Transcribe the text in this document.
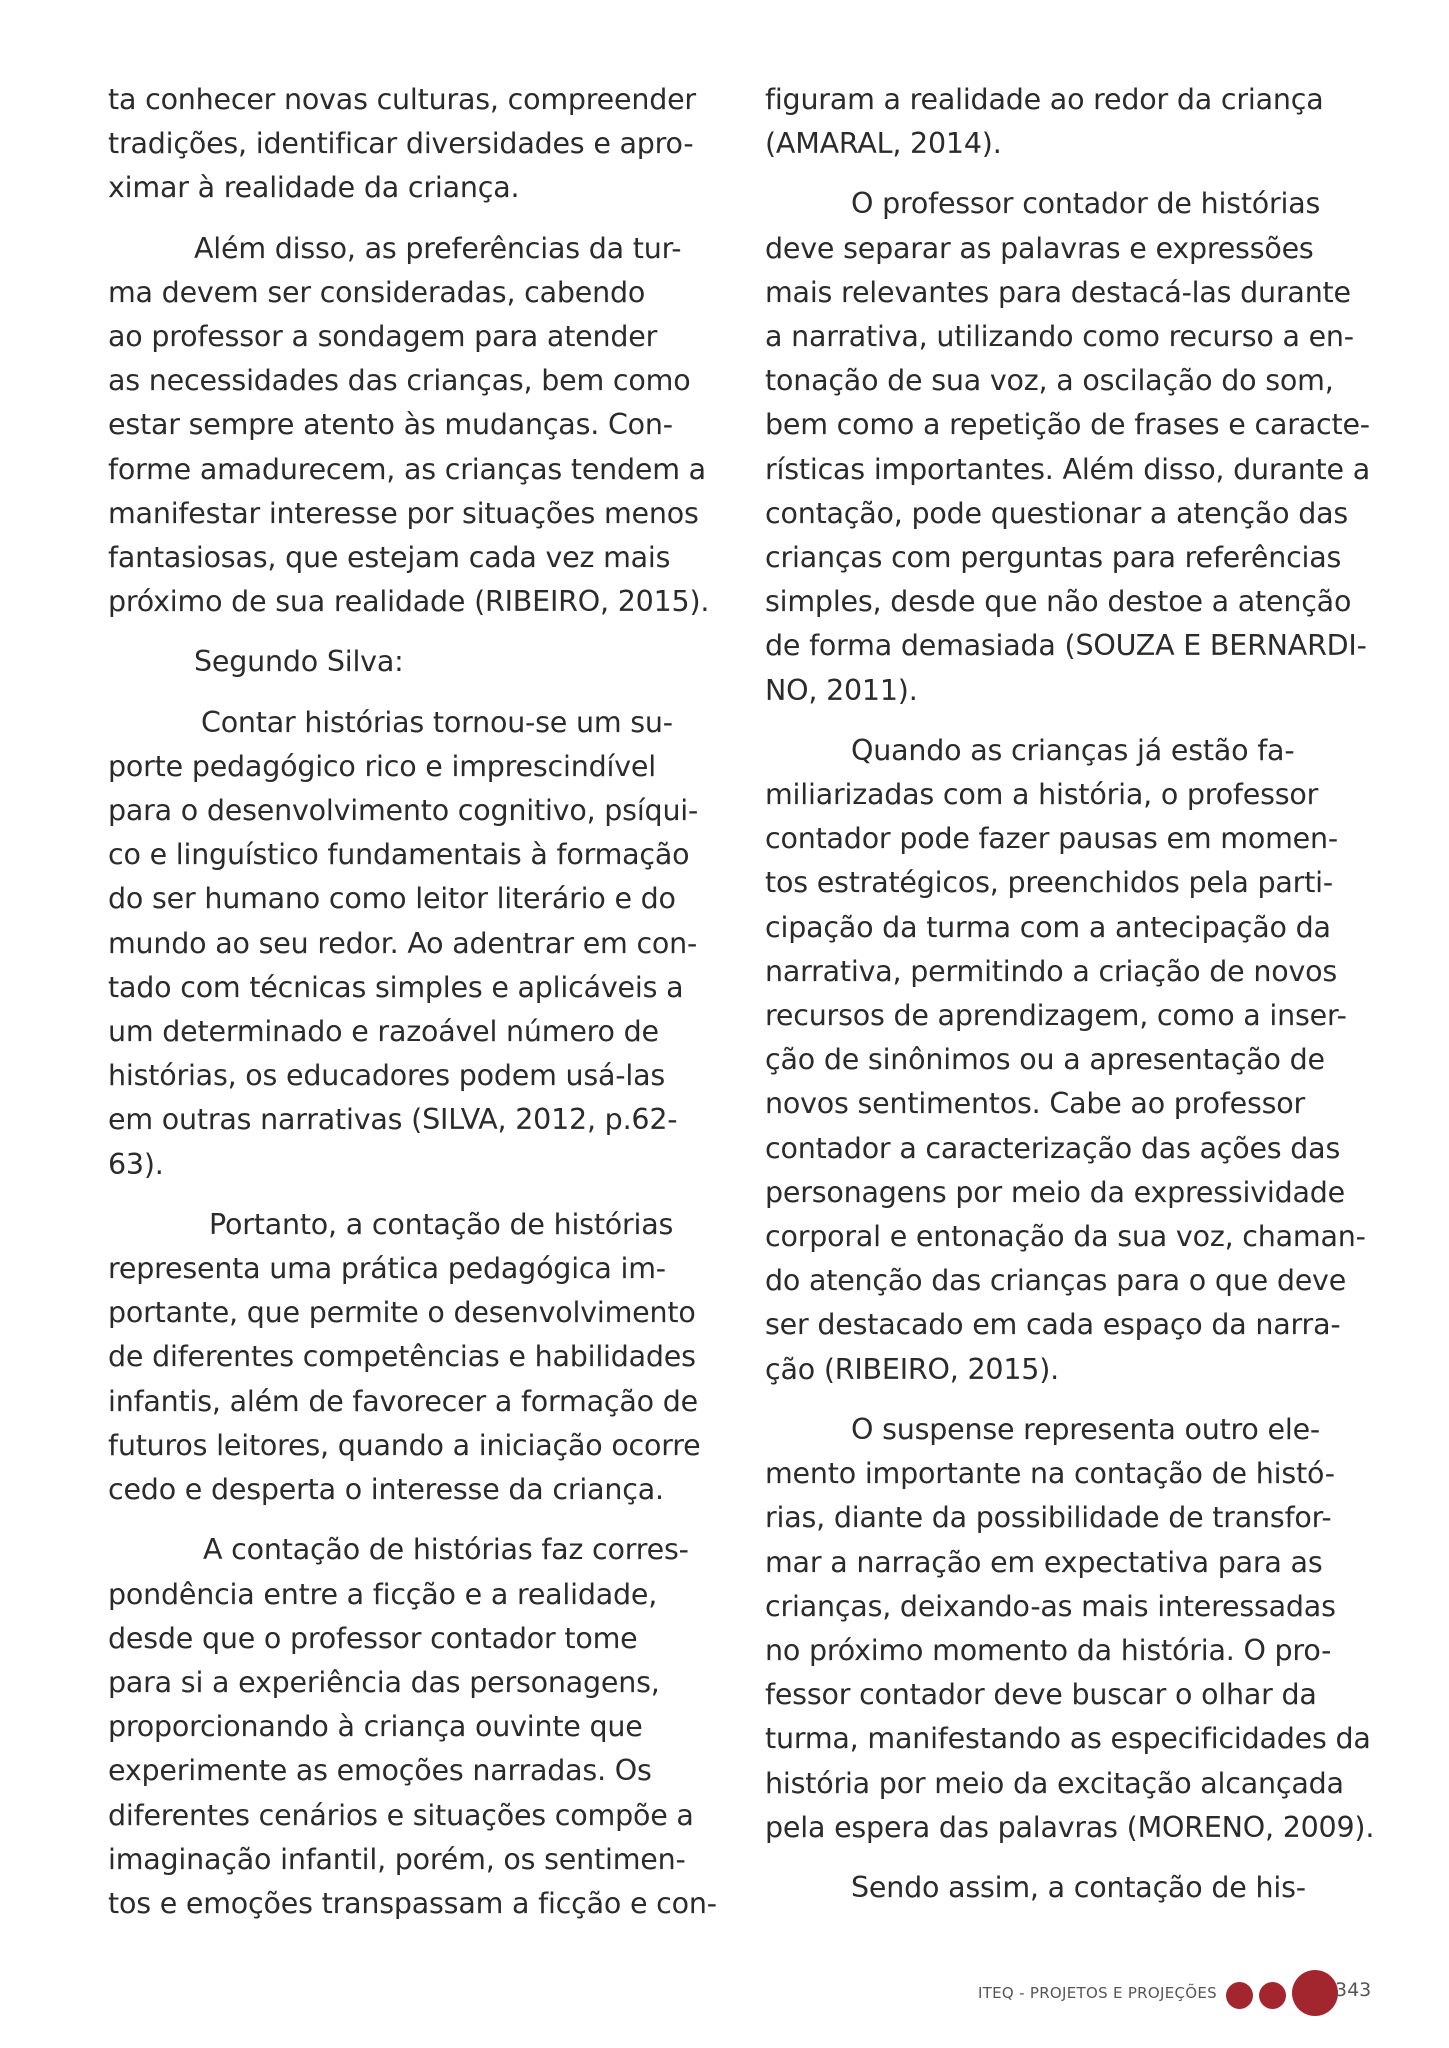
ta conhecer novas culturas, compreender
tradições, identificar diversidades e apro-
ximar à realidade da criança.

Além disso, as preferências da tur-
ma devem ser consideradas, cabendo
ao professor a sondagem para atender
as necessidades das crianças, bem como
estar sempre atento às mudanças. Con-
forme amadurecem, as crianças tendem a
manifestar interesse por situações menos
fantasiosas, que estejam cada vez mais
próximo de sua realidade (RIBEIRO, 2015).

Segundo Silva:

Contar histórias tornou-se um su-
porte pedagógico rico e imprescindível
para o desenvolvimento cognitivo, psíqui-
co e linguístico fundamentais à formação
do ser humano como leitor literário e do
mundo ao seu redor. Ao adentrar em con-
tado com técnicas simples e aplicáveis a
um determinado e razoável número de
histórias, os educadores podem usá-las
em outras narrativas (SILVA, 2012, p.62-
63).

Portanto, a contação de histórias
representa uma prática pedagógica im-
portante, que permite o desenvolvimento
de diferentes competências e habilidades
infantis, além de favorecer a formação de
futuros leitores, quando a iniciação ocorre
cedo e desperta o interesse da criança.

A contação de histórias faz corres-
pondência entre a ficção e a realidade,
desde que o professor contador tome
para si a experiência das personagens,
proporcionando à criança ouvinte que
experimente as emoções narradas. Os
diferentes cenários e situações compõe a
imaginação infantil, porém, os sentimen-
tos e emoções transpassam a ficção e con-

figuram a realidade ao redor da criança
(AMARAL, 2014).

O professor contador de histórias
deve separar as palavras e expressões
mais relevantes para destacá-las durante
a narrativa, utilizando como recurso a en-
tonação de sua voz, a oscilação do som,
bem como a repetição de frases e caracte-
rísticas importantes. Além disso, durante a
contação, pode questionar a atenção das
crianças com perguntas para referências
simples, desde que não destoe a atenção
de forma demasiada (SOUZA E BERNARDI-
NO, 2011).

Quando as crianças já estão fa-
miliarizadas com a história, o professor
contador pode fazer pausas em momen-
tos estratégicos, preenchidos pela parti-
cipação da turma com a antecipação da
narrativa, permitindo a criação de novos
recursos de aprendizagem, como a inser-
ção de sinônimos ou a apresentação de
novos sentimentos. Cabe ao professor
contador a caracterização das ações das
personagens por meio da expressividade
corporal e entonação da sua voz, chaman-
do atenção das crianças para o que deve
ser destacado em cada espaço da narra-
ção (RIBEIRO, 2015).

O suspense representa outro ele-
mento importante na contação de histó-
rias, diante da possibilidade de transfor-
mar a narração em expectativa para as
crianças, deixando-as mais interessadas
no próximo momento da história. O pro-
fessor contador deve buscar o olhar da
turma, manifestando as especificidades da
história por meio da excitação alcançada
pela espera das palavras (MORENO, 2009).

Sendo assim, a contação de his-

ITEQ - PROJETOS E PROJEÇÕES	343
